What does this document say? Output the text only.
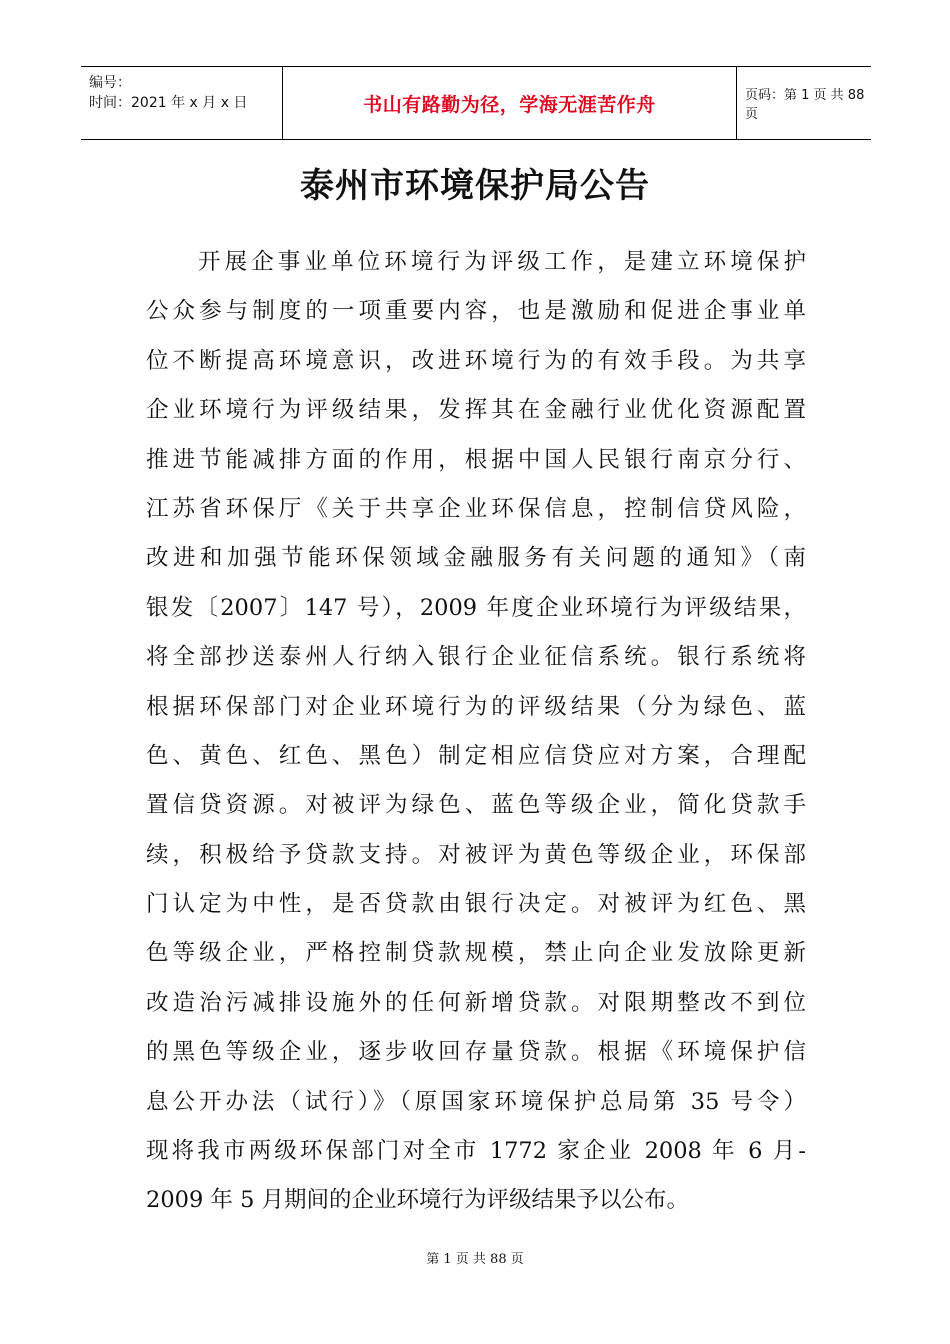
编号：
时间：2021 年 x 月 x 日	书山有路勤为径，学海无涯苦作舟	页码：第 1 页 共 88 页
泰州市环境保护局公告
开展企事业单位环境行为评级工作，是建立环境保护
公众参与制度的一项重要内容，也是激励和促进企事业单
位不断提高环境意识，改进环境行为的有效手段。为共享
企业环境行为评级结果，发挥其在金融行业优化资源配置
推进节能减排方面的作用，根据中国人民银行南京分行、
江苏省环保厅《关于共享企业环保信息，控制信贷风险，
改进和加强节能环保领域金融服务有关问题的通知》（南
银发〔2007〕147 号），2009 年度企业环境行为评级结果，
将全部抄送泰州人行纳入银行企业征信系统。银行系统将
根据环保部门对企业环境行为的评级结果（分为绿色、蓝
色、黄色、红色、黑色）制定相应信贷应对方案，合理配
置信贷资源。对被评为绿色、蓝色等级企业，简化贷款手
续，积极给予贷款支持。对被评为黄色等级企业，环保部
门认定为中性，是否贷款由银行决定。对被评为红色、黑
色等级企业，严格控制贷款规模，禁止向企业发放除更新
改造治污减排设施外的任何新增贷款。对限期整改不到位
的黑色等级企业，逐步收回存量贷款。根据《环境保护信
息公开办法（试行）》（原国家环境保护总局第 35 号令）
现将我市两级环保部门对全市 1772 家企业 2008 年 6 月-
2009 年 5 月期间的企业环境行为评级结果予以公布。
第 1 页 共 88 页
